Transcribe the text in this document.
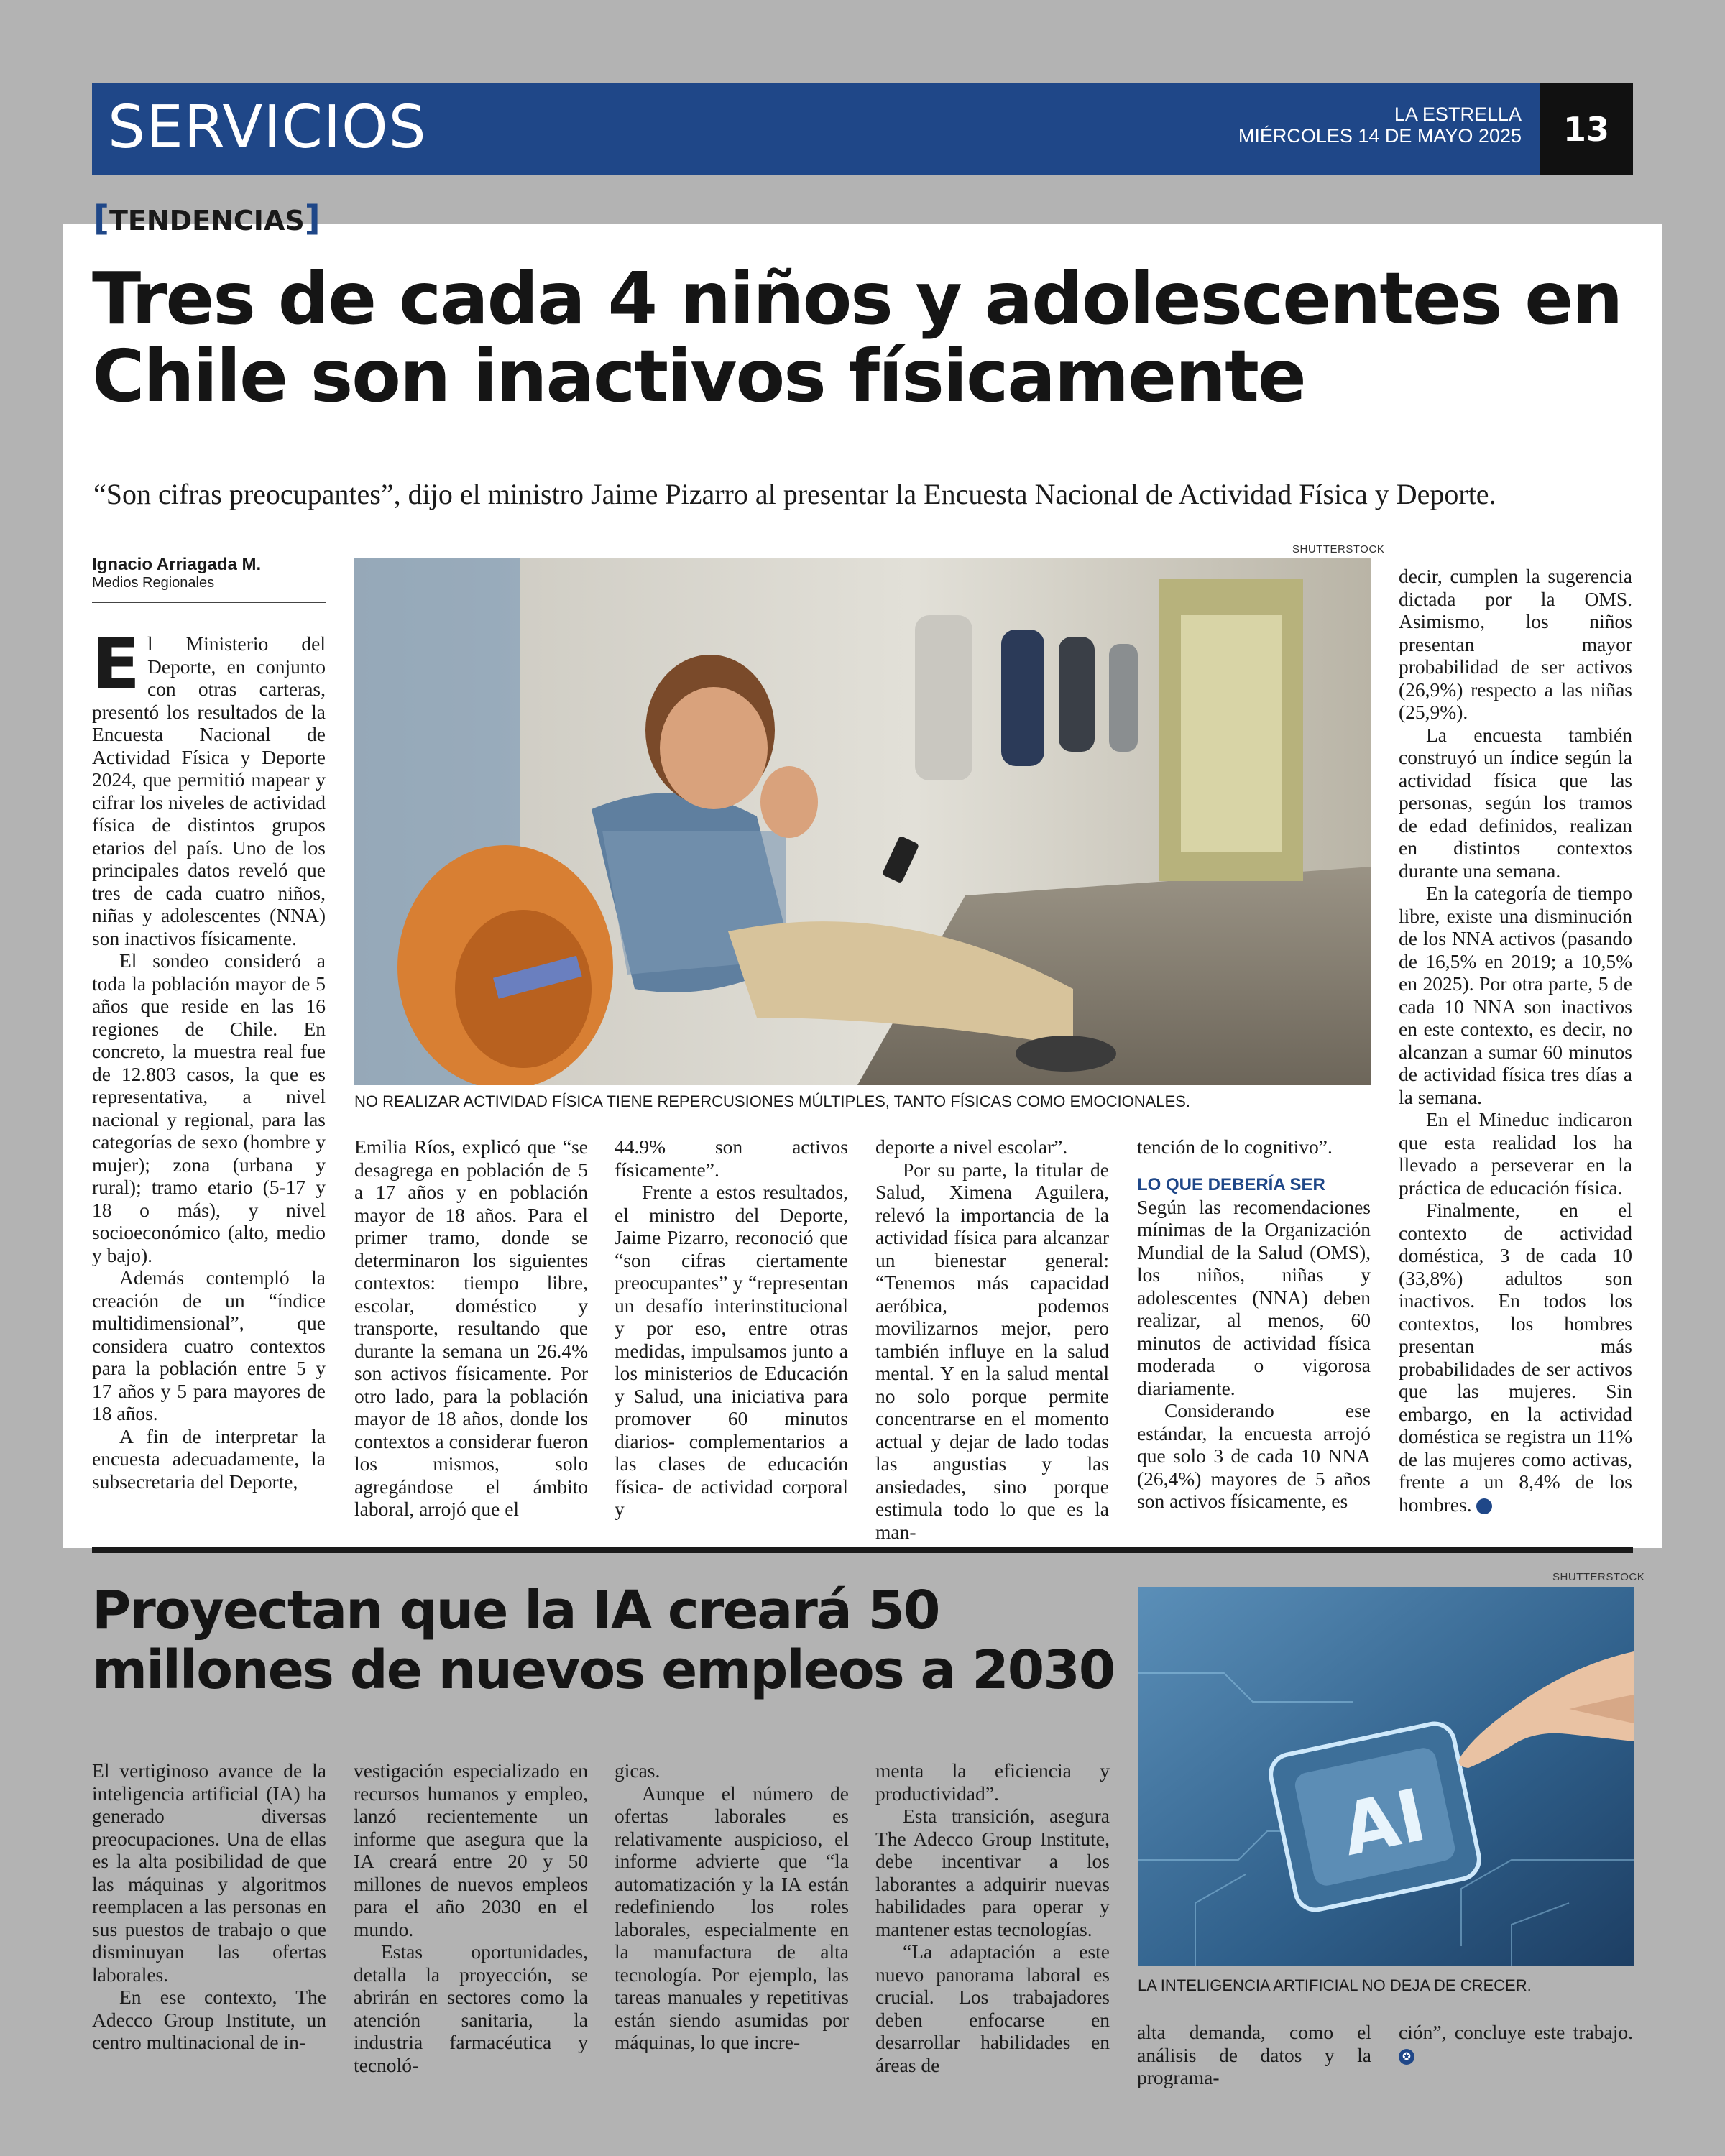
SERVICIOS	LA ESTRELLA
MIÉRCOLES 14 DE MAYO 2025	13
[TENDENCIAS]
Tres de cada 4 niños y adolescentes en Chile son inactivos físicamente
“Son cifras preocupantes”, dijo el ministro Jaime Pizarro al presentar la Encuesta Nacional de Actividad Física y Deporte.
Ignacio Arriagada M.
Medios Regionales
SHUTTERSTOCK
NO REALIZAR ACTIVIDAD FÍSICA TIENE REPERCUSIONES MÚLTIPLES, TANTO FÍSICAS COMO EMOCIONALES.

El Ministerio del Deporte, en conjunto con otras carteras, presentó los resultados de la Encuesta Nacional de Actividad Física y Deporte 2024, que permitió mapear y cifrar los niveles de actividad física de distintos grupos etarios del país. Uno de los principales datos reveló que tres de cada cuatro niños, niñas y adolescentes (NNA) son inactivos físicamente.

El sondeo consideró a toda la población mayor de 5 años que reside en las 16 regiones de Chile. En concreto, la muestra real fue de 12.803 casos, la que es representativa, a nivel nacional y regional, para las categorías de sexo (hombre y mujer); zona (urbana y rural); tramo etario (5-17 y 18 o más), y nivel socioeconómico (alto, medio y bajo).

Además contempló la creación de un “índice multidimensional”, que considera cuatro contextos para la población entre 5 y 17 años y 5 para mayores de 18 años.

A fin de interpretar la encuesta adecuadamente, la subsecretaria del Deporte,

Emilia Ríos, explicó que “se desagrega en población de 5 a 17 años y en población mayor de 18 años. Para el primer tramo, donde se determinaron los siguientes contextos: tiempo libre, escolar, doméstico y transporte, resultando que durante la semana un 26.4% son activos físicamente. Por otro lado, para la población mayor de 18 años, donde los contextos a considerar fueron los mismos, solo agregándose el ámbito laboral, arrojó que el

44.9% son activos físicamente”.

Frente a estos resultados, el ministro del Deporte, Jaime Pizarro, reconoció que “son cifras ciertamente preocupantes” y “representan un desafío interinstitucional y por eso, entre otras medidas, impulsamos junto a los ministerios de Educación y Salud, una iniciativa para promover 60 minutos diarios- complementarios a las clases de educación física- de actividad corporal y

deporte a nivel escolar”.

Por su parte, la titular de Salud, Ximena Aguilera, relevó la importancia de la actividad física para alcanzar un bienestar general: “Tenemos más capacidad aeróbica, podemos movilizarnos mejor, pero también influye en la salud mental. Y en la salud mental no solo porque permite concentrarse en el momento actual y dejar de lado todas las angustias y las ansiedades, sino porque estimula todo lo que es la man-

tención de lo cognitivo”.

LO QUE DEBERÍA SER

Según las recomendaciones mínimas de la Organización Mundial de la Salud (OMS), los niños, niñas y adolescentes (NNA) deben realizar, al menos, 60 minutos de actividad física moderada o vigorosa diariamente.

Considerando ese estándar, la encuesta arrojó que solo 3 de cada 10 NNA (26,4%) mayores de 5 años son activos físicamente, es

decir, cumplen la sugerencia dictada por la OMS. Asimismo, los niños presentan mayor probabilidad de ser activos (26,9%) respecto a las niñas (25,9%).

La encuesta también construyó un índice según la actividad física que las personas, según los tramos de edad definidos, realizan en distintos contextos durante una semana.

En la categoría de tiempo libre, existe una disminución de los NNA activos (pasando de 16,5% en 2019; a 10,5% en 2025). Por otra parte, 5 de cada 10 NNA son inactivos en este contexto, es decir, no alcanzan a sumar 60 minutos de actividad física tres días a la semana.

En el Mineduc indicaron que esta realidad los ha llevado a perseverar en la práctica de educación física.

Finalmente, en el contexto de actividad doméstica, 3 de cada 10 (33,8%) adultos son inactivos. En todos los contextos, los hombres presentan más probabilidades de ser activos que las mujeres. Sin embargo, en la actividad doméstica se registra un 11% de las mujeres como activas, frente a un 8,4% de los hombres.	✪

Proyectan que la IA creará 50 millones de nuevos empleos a 2030
SHUTTERSTOCK
AI
LA INTELIGENCIA ARTIFICIAL NO DEJA DE CRECER.

El vertiginoso avance de la inteligencia artificial (IA) ha generado diversas preocupaciones. Una de ellas es la alta posibilidad de que las máquinas y algoritmos reemplacen a las personas en sus puestos de trabajo o que disminuyan las ofertas laborales.

En ese contexto, The Adecco Group Institute, un centro multinacional de in-

vestigación especializado en recursos humanos y empleo, lanzó recientemente un informe que asegura que la IA creará entre 20 y 50 millones de nuevos empleos para el año 2030 en el mundo.

Estas oportunidades, detalla la proyección, se abrirán en sectores como la atención sanitaria, la industria farmacéutica y tecnoló-

gicas.

Aunque el número de ofertas laborales es relativamente auspicioso, el informe advierte que “la automatización y la IA están redefiniendo los roles laborales, especialmente en la manufactura de alta tecnología. Por ejemplo, las tareas manuales y repetitivas están siendo asumidas por máquinas, lo que incre-

menta la eficiencia y productividad”.

Esta transición, asegura The Adecco Group Institute, debe incentivar a los laborantes a adquirir nuevas habilidades para operar y mantener estas tecnologías.

“La adaptación a este nuevo panorama laboral es crucial. Los trabajadores deben enfocarse en desarrollar habilidades en áreas de

alta demanda, como el análisis de datos y la programa-

ción”, concluye este trabajo. ✪
